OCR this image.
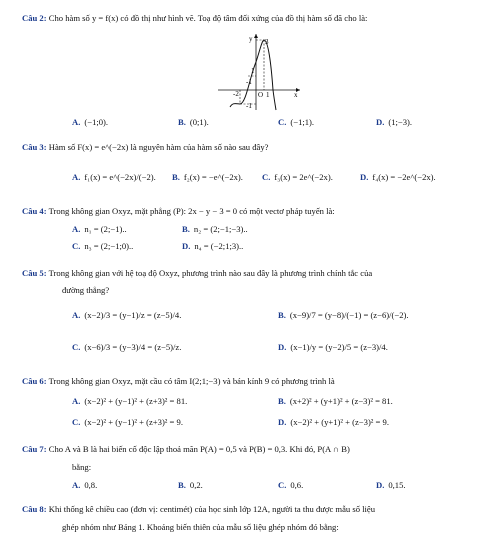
Câu 2: Cho hàm số y = f(x) có đồ thị như hình vẽ. Toạ độ tâm đối xứng của đồ thị hàm số đã cho là:
y 3
1
-1
-2	O 1	x
-1
A. (−1;0).	B. (0;1).	C. (−1;1).	D. (1;−3).
Câu 3: Hàm số F(x) = e^(−2x) là nguyên hàm của hàm số nào sau đây?
A. f₁(x) = e^(−2x)/(−2). B. f₂(x) = −e^(−2x). C. f₃(x) = 2e^(−2x).	D. f₄(x) = −2e^(−2x).
Câu 4: Trong không gian Oxyz, mặt phẳng (P): 2x − y − 3 = 0 có một vectơ pháp tuyến là:
A. n₁ = (2;−1)..	B. n₂ = (2;−1;−3)..
C. n₃ = (2;−1;0)..	D. n₄ = (−2;1;3)..
Câu 5: Trong không gian với hệ toạ độ Oxyz, phương trình nào sau đây là phương trình chính tắc của
đường thẳng?
A. (x−2)/3 = (y−1)/z = (z−5)/4.	B. (x−9)/7 = (y−8)/(−1) = (z−6)/(−2).
C. (x−6)/3 = (y−3)/4 = (z−5)/z.	D. (x−1)/y = (y−2)/5 = (z−3)/4.
Câu 6: Trong không gian Oxyz, mặt cầu có tâm I(2;1;−3) và bán kính 9 có phương trình là
A. (x−2)² + (y−1)² + (z+3)² = 81.	B. (x+2)² + (y+1)² + (z−3)² = 81.
C. (x−2)² + (y−1)² + (z+3)² = 9.	D. (x−2)² + (y+1)² + (z−3)² = 9.
Câu 7: Cho A và B là hai biến cố độc lập thoả mãn P(A) = 0,5 và P(B) = 0,3. Khi đó, P(A ∩ B)
bằng:
A. 0,8.	B. 0,2.	C. 0,6.	D. 0,15.
Câu 8: Khi thống kê chiều cao (đơn vị: centimét) của học sinh lớp 12A, người ta thu được mẫu số liệu
ghép nhóm như Bảng 1. Khoảng biến thiên của mẫu số liệu ghép nhóm đó bằng:
